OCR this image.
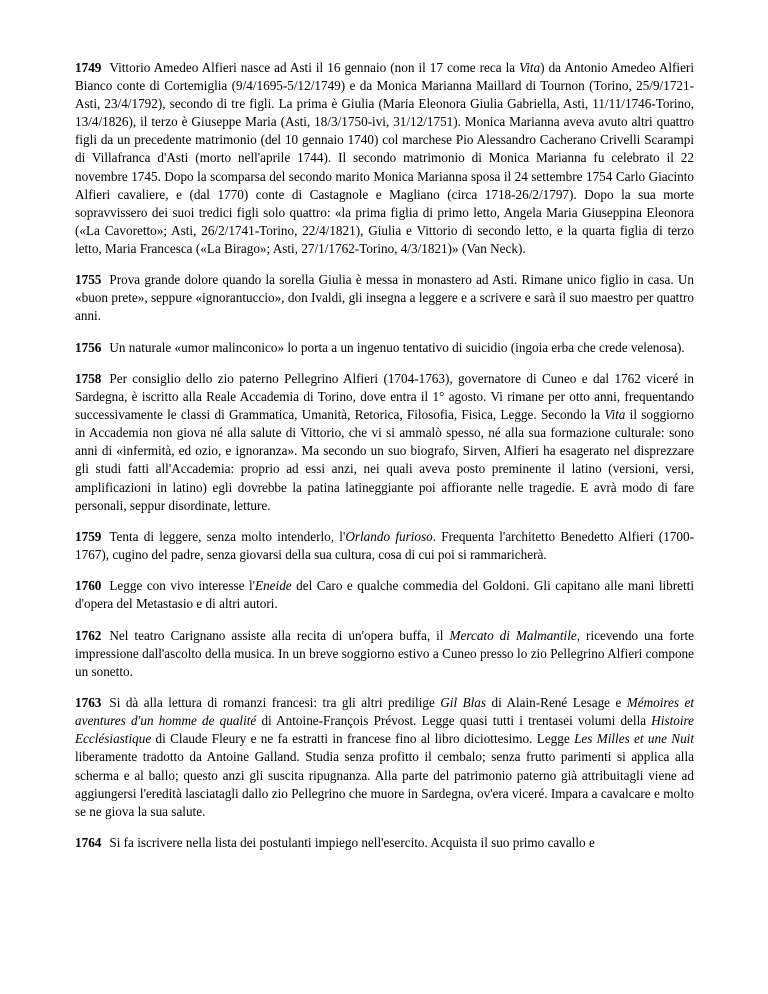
1749 Vittorio Amedeo Alfieri nasce ad Asti il 16 gennaio (non il 17 come reca la Vita) da Antonio Amedeo Alfieri Bianco conte di Cortemiglia (9/4/1695-5/12/1749) e da Monica Marianna Maillard di Tournon (Torino, 25/9/1721-Asti, 23/4/1792), secondo di tre figli. La prima è Giulia (Maria Eleonora Giulia Gabriella, Asti, 11/11/1746-Torino, 13/4/1826), il terzo è Giuseppe Maria (Asti, 18/3/1750-ivi, 31/12/1751). Monica Marianna aveva avuto altri quattro figli da un precedente matrimonio (del 10 gennaio 1740) col marchese Pio Alessandro Cacherano Crivelli Scarampi di Villafranca d'Asti (morto nell'aprile 1744). Il secondo matrimonio di Monica Marianna fu celebrato il 22 novembre 1745. Dopo la scomparsa del secondo marito Monica Marianna sposa il 24 settembre 1754 Carlo Giacinto Alfieri cavaliere, e (dal 1770) conte di Castagnole e Magliano (circa 1718-26/2/1797). Dopo la sua morte sopravvissero dei suoi tredici figli solo quattro: «la prima figlia di primo letto, Angela Maria Giuseppina Eleonora («La Cavoretto»; Asti, 26/2/1741-Torino, 22/4/1821), Giulia e Vittorio di secondo letto, e la quarta figlia di terzo letto, Maria Francesca («La Birago»; Asti, 27/1/1762-Torino, 4/3/1821)» (Van Neck).

1755 Prova grande dolore quando la sorella Giulia è messa in monastero ad Asti. Rimane unico figlio in casa. Un «buon prete», seppure «ignorantuccio», don Ivaldi, gli insegna a leggere e a scrivere e sarà il suo maestro per quattro anni.

1756 Un naturale «umor malinconico» lo porta a un ingenuo tentativo di suicidio (ingoia erba che crede velenosa).

1758 Per consiglio dello zio paterno Pellegrino Alfieri (1704-1763), governatore di Cuneo e dal 1762 viceré in Sardegna, è iscritto alla Reale Accademia di Torino, dove entra il 1° agosto. Vi rimane per otto anni, frequentando successivamente le classi di Grammatica, Umanità, Retorica, Filosofia, Fisica, Legge. Secondo la Vita il soggiorno in Accademia non giova né alla salute di Vittorio, che vi si ammalò spesso, né alla sua formazione culturale: sono anni di «infermità, ed ozio, e ignoranza». Ma secondo un suo biografo, Sirven, Alfieri ha esagerato nel disprezzare gli studi fatti all'Accademia: proprio ad essi anzi, nei quali aveva posto preminente il latino (versioni, versi, amplificazioni in latino) egli dovrebbe la patina latineggiante poi affiorante nelle tragedie. E avrà modo di fare personali, seppur disordinate, letture.

1759 Tenta di leggere, senza molto intenderlo, l'Orlando furioso. Frequenta l'architetto Benedetto Alfieri (1700-1767), cugino del padre, senza giovarsi della sua cultura, cosa di cui poi si rammaricherà.

1760 Legge con vivo interesse l'Eneide del Caro e qualche commedia del Goldoni. Gli capitano alle mani libretti d'opera del Metastasio e di altri autori.

1762 Nel teatro Carignano assiste alla recita di un'opera buffa, il Mercato di Malmantile, ricevendo una forte impressione dall'ascolto della musica. In un breve soggiorno estivo a Cuneo presso lo zio Pellegrino Alfieri compone un sonetto.

1763 Si dà alla lettura di romanzi francesi: tra gli altri predilige Gil Blas di Alain-René Lesage e Mémoires et aventures d'un homme de qualité di Antoine-François Prévost. Legge quasi tutti i trentasei volumi della Histoire Ecclésiastique di Claude Fleury e ne fa estratti in francese fino al libro diciottesimo. Legge Les Milles et une Nuit liberamente tradotto da Antoine Galland. Studia senza profitto il cembalo; senza frutto parimenti si applica alla scherma e al ballo; questo anzi gli suscita ripugnanza. Alla parte del patrimonio paterno già attribuitagli viene ad aggiungersi l'eredità lasciatagli dallo zio Pellegrino che muore in Sardegna, ov'era viceré. Impara a cavalcare e molto se ne giova la sua salute.

1764 Si fa iscrivere nella lista dei postulanti impiego nell'esercito. Acquista il suo primo cavallo e
